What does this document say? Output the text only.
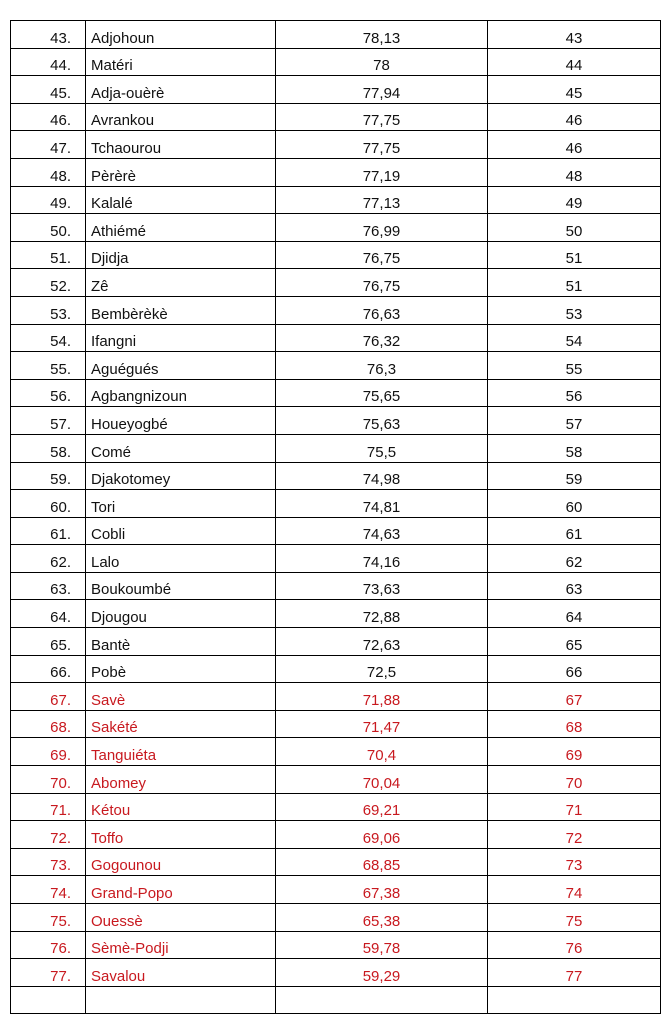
43.	Adjohoun	78,13	43
44.	Matéri	78	44
45.	Adja-ouèrè	77,94	45
46.	Avrankou	77,75	46
47.	Tchaourou	77,75	46
48.	Pèrèrè	77,19	48
49.	Kalalé	77,13	49
50.	Athiémé	76,99	50
51.	Djidja	76,75	51
52.	Zê	76,75	51
53.	Bembèrèkè	76,63	53
54.	Ifangni	76,32	54
55.	Aguégués	76,3	55
56.	Agbangnizoun	75,65	56
57.	Houeyogbé	75,63	57
58.	Comé	75,5	58
59.	Djakotomey	74,98	59
60.	Tori	74,81	60
61.	Cobli	74,63	61
62.	Lalo	74,16	62
63.	Boukoumbé	73,63	63
64.	Djougou	72,88	64
65.	Bantè	72,63	65
66.	Pobè	72,5	66
67.	Savè	71,88	67
68.	Sakété	71,47	68
69.	Tanguiéta	70,4	69
70.	Abomey	70,04	70
71.	Kétou	69,21	71
72.	Toffo	69,06	72
73.	Gogounou	68,85	73
74.	Grand-Popo	67,38	74
75.	Ouessè	65,38	75
76.	Sèmè-Podji	59,78	76
77.	Savalou	59,29	77
